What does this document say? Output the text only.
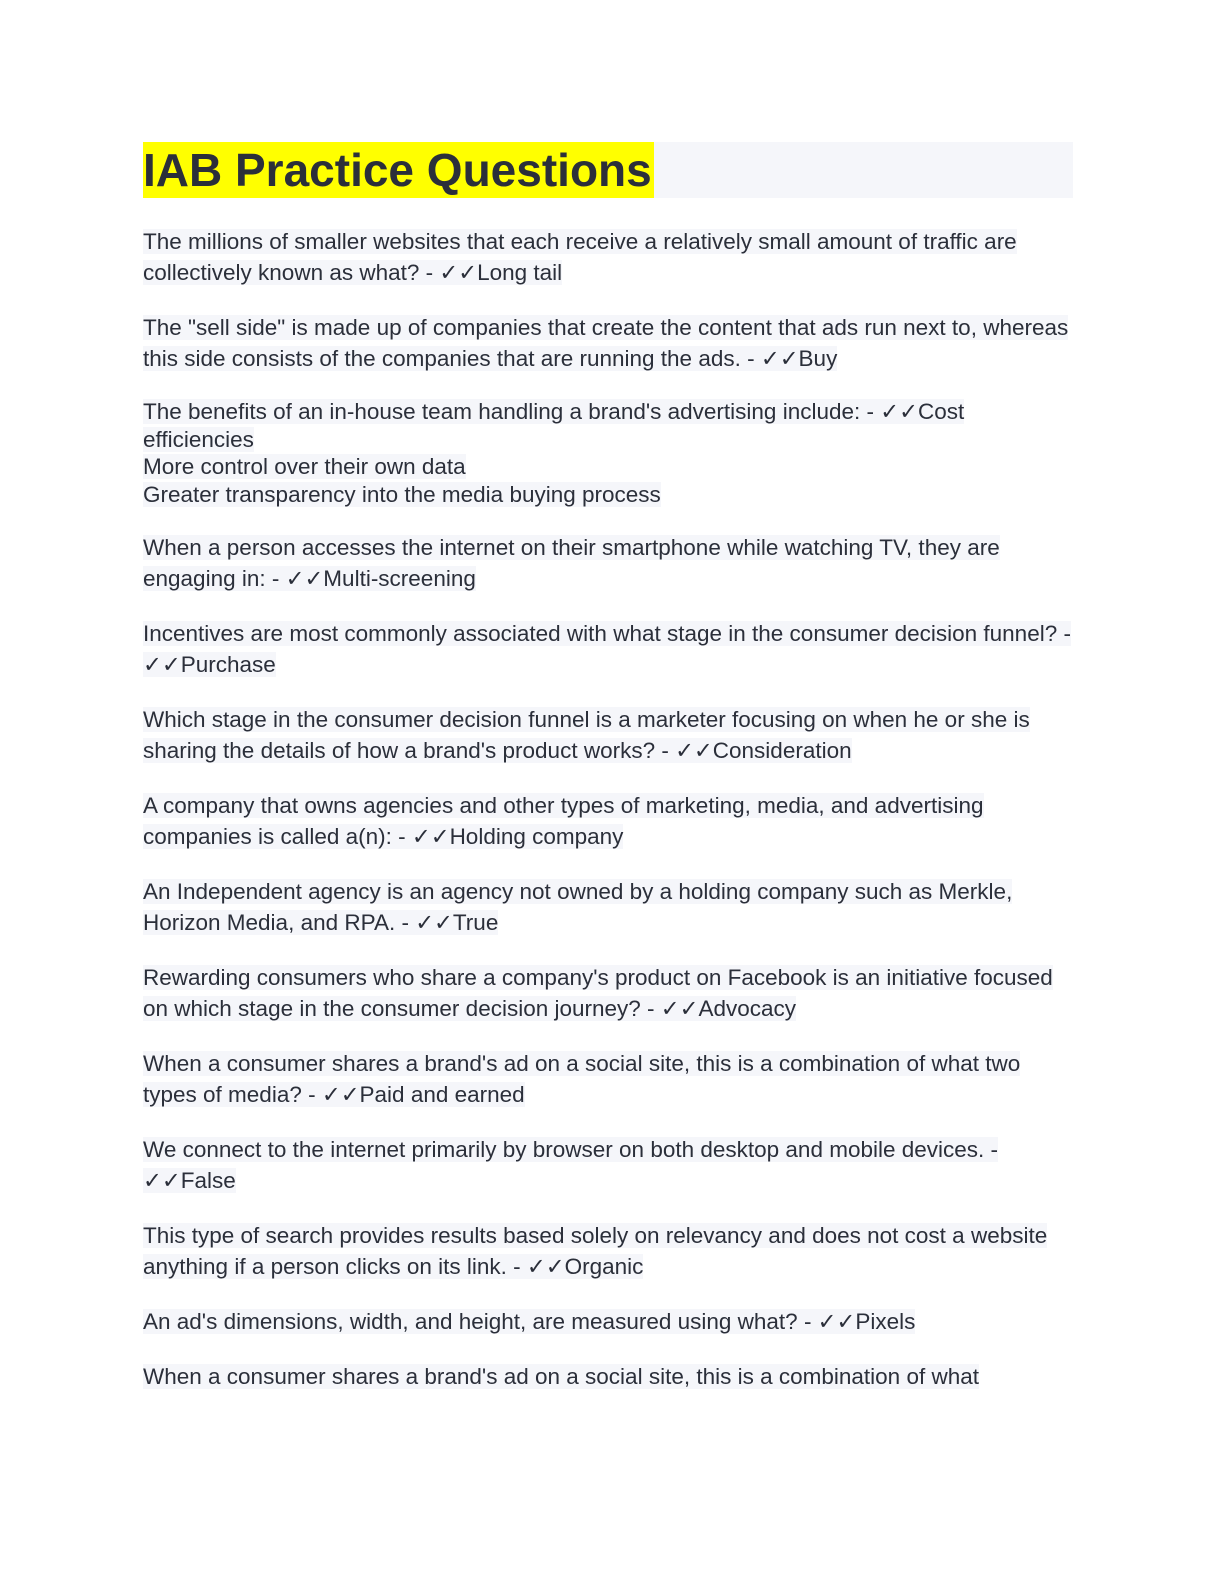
IAB Practice Questions
The millions of smaller websites that each receive a relatively small amount of traffic are collectively known as what? - ✓✓Long tail
The "sell side" is made up of companies that create the content that ads run next to, whereas this side consists of the companies that are running the ads. - ✓✓Buy
The benefits of an in-house team handling a brand's advertising include: - ✓✓Cost efficiencies
More control over their own data
Greater transparency into the media buying process
When a person accesses the internet on their smartphone while watching TV, they are engaging in: - ✓✓Multi-screening
Incentives are most commonly associated with what stage in the consumer decision funnel? - ✓✓Purchase
Which stage in the consumer decision funnel is a marketer focusing on when he or she is sharing the details of how a brand's product works? - ✓✓Consideration
A company that owns agencies and other types of marketing, media, and advertising companies is called a(n): - ✓✓Holding company
An Independent agency is an agency not owned by a holding company such as Merkle, Horizon Media, and RPA. - ✓✓True
Rewarding consumers who share a company's product on Facebook is an initiative focused on which stage in the consumer decision journey? - ✓✓Advocacy
When a consumer shares a brand's ad on a social site, this is a combination of what two types of media? - ✓✓Paid and earned
We connect to the internet primarily by browser on both desktop and mobile devices. - ✓✓False
This type of search provides results based solely on relevancy and does not cost a website anything if a person clicks on its link. - ✓✓Organic
An ad's dimensions, width, and height, are measured using what? - ✓✓Pixels
When a consumer shares a brand's ad on a social site, this is a combination of what
